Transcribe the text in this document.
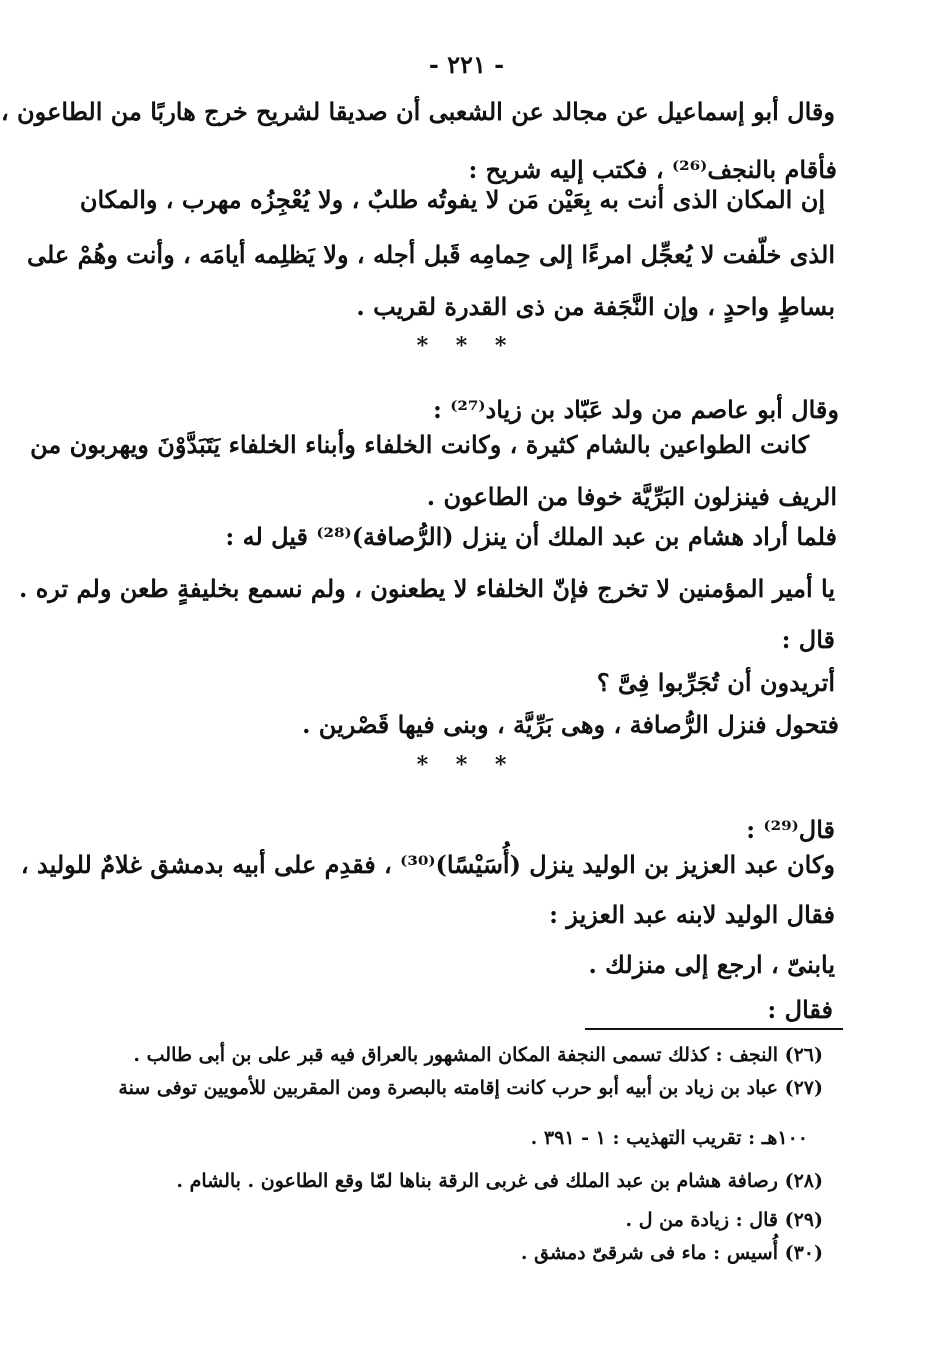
- ٢٢١ -
وقال أبو إسماعيل عن مجالد عن الشعبى أن صديقا لشريح خرج هاربًا من الطاعون ،
فأقام بالنجف⁽²⁶⁾ ، فكتب إليه شريح :
إن المكان الذى أنت به بِعَيْن مَن لا يفوتُه طلبٌ ، ولا يُعْجِزُه مهرب ، والمكان
الذى خلّفت لا يُعجِّل امرءًا إلى حِمامِه قَبل أجله ، ولا يَظلِمه أيامَه ، وأنت وهُمْ على
بساطٍ واحدٍ ، وإن النَّجَفة من ذى القدرة لقريب .
* * *
وقال أبو عاصم من ولد عَبّاد بن زياد⁽²⁷⁾ :
كانت الطواعين بالشام كثيرة ، وكانت الخلفاء وأبناء الخلفاء يَتَبَدَّوْنَ ويهربون من
الريف فينزلون البَرِّيَّة خوفا من الطاعون .
فلما أراد هشام بن عبد الملك أن ينزل (الرُّصافة)⁽²⁸⁾ قيل له :
يا أمير المؤمنين لا تخرج فإنّ الخلفاء لا يطعنون ، ولم نسمع بخليفةٍ طعن ولم تره .
قال :
أتريدون أن تُجَرِّبوا فِىَّ ؟
فتحول فنزل الرُّصافة ، وهى بَرِّيَّة ، وبنى فيها قَصْرين .
* * *
قال⁽²⁹⁾ :
وكان عبد العزيز بن الوليد ينزل (أُسَيْسًا)⁽³⁰⁾ ، فقدِم على أبيه بدمشق غلامٌ للوليد ،
فقال الوليد لابنه عبد العزيز :
يابنىّ ، ارجع إلى منزلك .
فقال :
(٢٦) النجف : كذلك تسمى النجفة المكان المشهور بالعراق فيه قبر على بن أبى طالب .
(٢٧) عباد بن زياد بن أبيه أبو حرب كانت إقامته بالبصرة ومن المقربين للأمويين توفى سنة
١٠٠هـ : تقريب التهذيب : ١ - ٣٩١ .
(٢٨) رصافة هشام بن عبد الملك فى غربى الرقة بناها لمّا وقع الطاعون . بالشام .
(٢٩) قال : زيادة من ل .
(٣٠) أُسيس : ماء فى شرقىّ دمشق .
